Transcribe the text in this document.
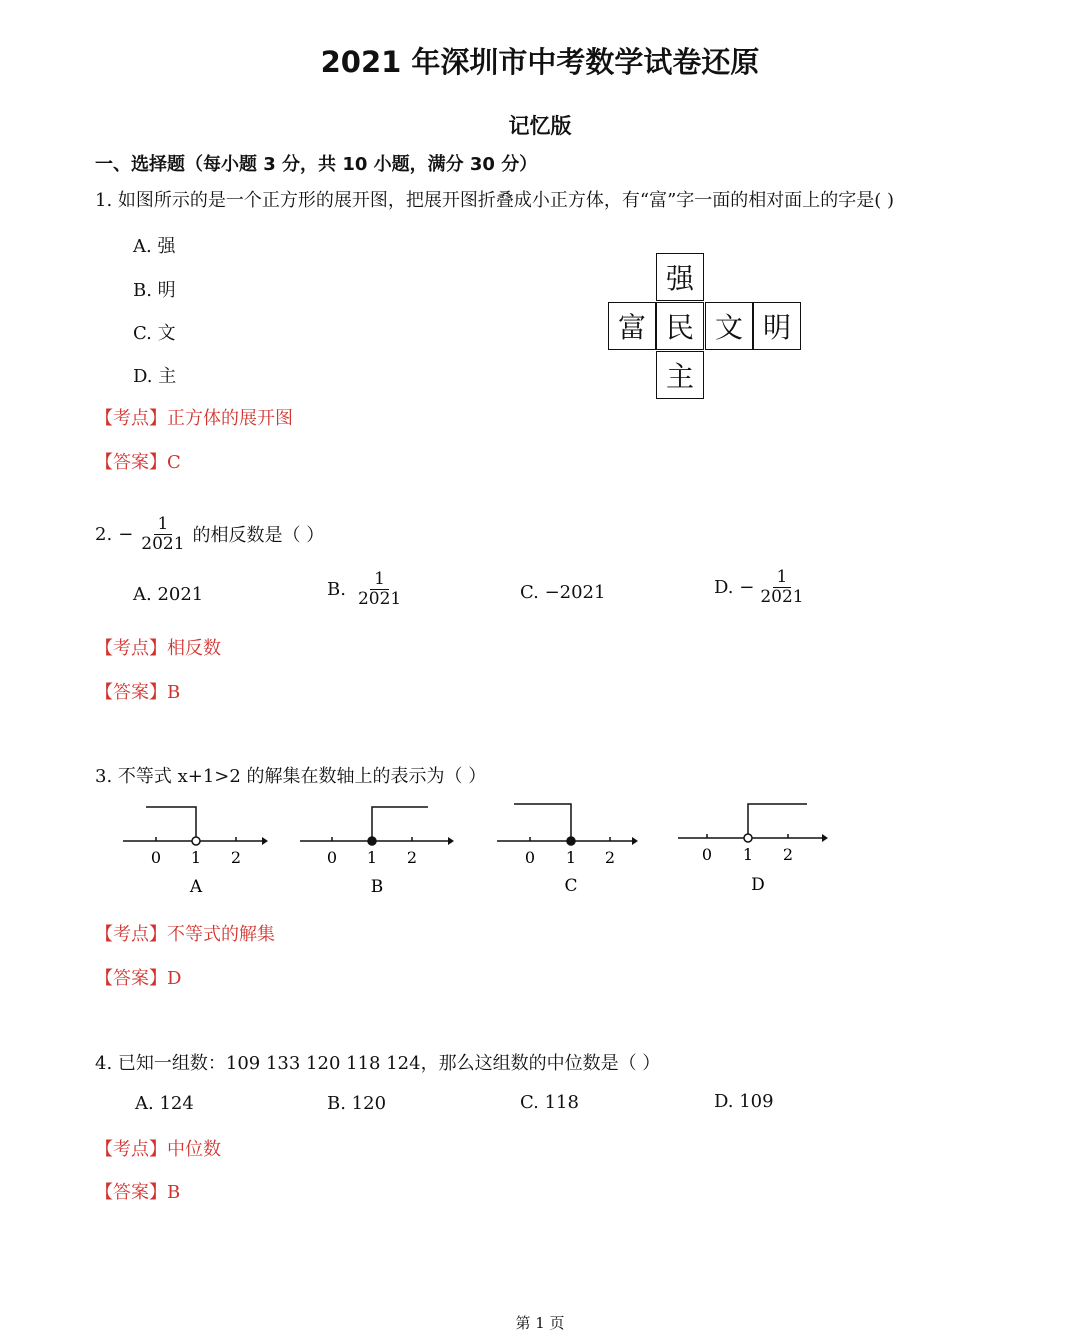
2021 年深圳市中考数学试卷还原
记忆版
一、选择题（每小题 3 分，共 10 小题，满分 30 分）
1. 如图所示的是一个正方形的展开图，把展开图折叠成小正方体，有“富”字一面的相对面上的字是( )
A. 强
B. 明
C. 文
D. 主
强
富 民 文 明
主
【考点】正方体的展开图
【答案】C
2. − $\frac{1}{2021}$ 的相反数是（ ）
A. 2021	B. $\frac{1}{2021}$	C. −2021	D. − $\frac{1}{2021}$
【考点】相反数
【答案】B
3. 不等式 x+1>2 的解集在数轴上的表示为（ ）
0 1 2
A
0 1 2
B
0 1 2
C
0 1 2
D
【考点】不等式的解集
【答案】D
4. 已知一组数：109 133 120 118 124，那么这组数的中位数是（ ）
A. 124	B. 120	C. 118	D. 109
【考点】中位数
【答案】B
第 1 页
